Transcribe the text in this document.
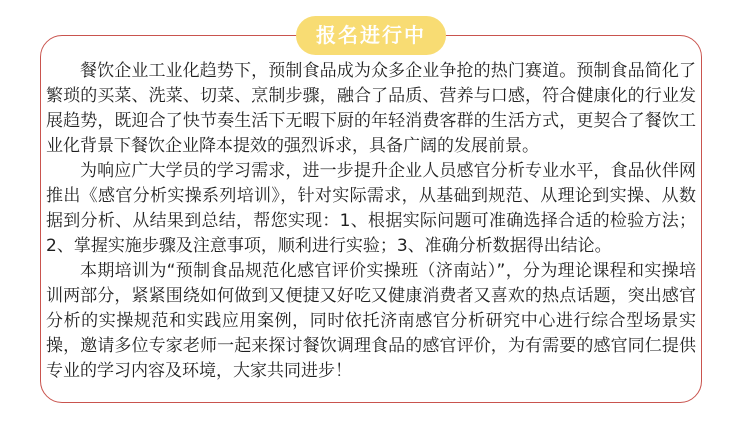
报名进行中

餐饮企业工业化趋势下，预制食品成为众多企业争抢的热门赛道。预制食品简化了繁琐的买菜、洗菜、切菜、烹制步骤，融合了品质、营养与口感，符合健康化的行业发展趋势，既迎合了快节奏生活下无暇下厨的年轻消费客群的生活方式，更契合了餐饮工业化背景下餐饮企业降本提效的强烈诉求，具备广阔的发展前景。

为响应广大学员的学习需求，进一步提升企业人员感官分析专业水平，食品伙伴网推出《感官分析实操系列培训》，针对实际需求，从基础到规范、从理论到实操、从数据到分析、从结果到总结，帮您实现：1、根据实际问题可准确选择合适的检验方法；2、掌握实施步骤及注意事项，顺利进行实验；3、准确分析数据得出结论。

本期培训为“预制食品规范化感官评价实操班（济南站）”，分为理论课程和实操培训两部分，紧紧围绕如何做到又便捷又好吃又健康消费者又喜欢的热点话题，突出感官分析的实操规范和实践应用案例，同时依托济南感官分析研究中心进行综合型场景实操，邀请多位专家老师一起来探讨餐饮调理食品的感官评价，为有需要的感官同仁提供专业的学习内容及环境，大家共同进步！
